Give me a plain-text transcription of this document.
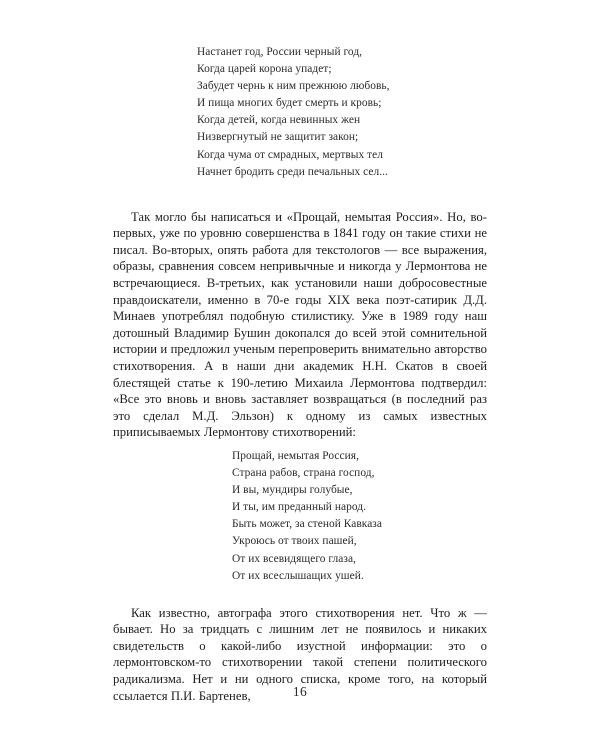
Настанет год, России черный год,
Когда царей корона упадет;
Забудет чернь к ним прежнюю любовь,
И пища многих будет смерть и кровь;
Когда детей, когда невинных жен
Низвергнутый не защитит закон;
Когда чума от смрадных, мертвых тел
Начнет бродить среди печальных сел...

Так могло бы написаться и «Прощай, немытая Россия». Но, во-первых, уже по уровню совершенства в 1841 году он такие стихи не писал. Во-вторых, опять работа для текстологов — все выражения, образы, сравнения совсем непривычные и никогда у Лермонтова не встречающиеся. В-третьих, как установили наши добросовестные правдоискатели, именно в 70-е годы XIX века поэт-сатирик Д.Д. Минаев употреблял подобную стилистику. Уже в 1989 году наш дотошный Владимир Бушин докопался до всей этой сомнительной истории и предложил ученым перепроверить внимательно авторство стихотворения. А в наши дни академик Н.Н. Скатов в своей блестящей статье к 190-летию Михаила Лермонтова подтвердил: «Все это вновь и вновь заставляет возвращаться (в последний раз это сделал М.Д. Эльзон) к одному из самых известных приписываемых Лермонтову стихотворений:

Прощай, немытая Россия,
Страна рабов, страна господ,
И вы, мундиры голубые,
И ты, им преданный народ.
Быть может, за стеной Кавказа
Укроюсь от твоих пашей,
От их всевидящего глаза,
От их всеслышащих ушей.

Как известно, автографа этого стихотворения нет. Что ж — бывает. Но за тридцать с лишним лет не появилось и никаких свидетельств о какой-либо изустной информации: это о лермонтовском-то стихотворении такой степени политического радикализма. Нет и ни одного списка, кроме того, на который ссылается П.И. Бартенев,	16
